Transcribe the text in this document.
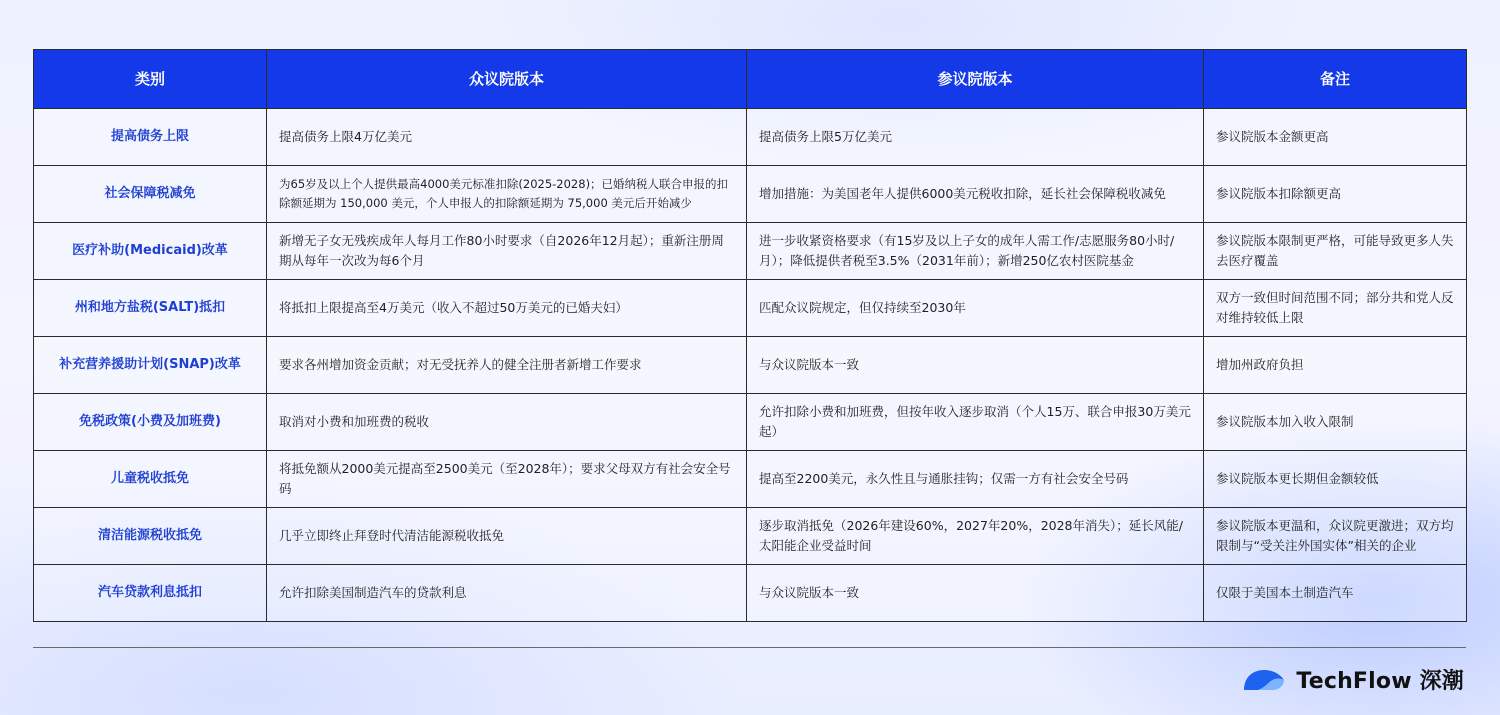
类别	众议院版本	参议院版本	备注
提高债务上限	提高债务上限4万亿美元	提高债务上限5万亿美元	参议院版本金额更高
社会保障税减免	为65岁及以上个人提供最高4000美元标准扣除(2025-2028)；已婚纳税人联合申报的扣除额延期为 150,000 美元，个人申报人的扣除额延期为 75,000 美元后开始减少	增加措施：为美国老年人提供6000美元税收扣除，延长社会保障税收减免	参议院版本扣除额更高
医疗补助(Medicaid)改革	新增无子女无残疾成年人每月工作80小时要求（自2026年12月起）；重新注册周期从每年一次改为每6个月	进一步收紧资格要求（有15岁及以上子女的成年人需工作/志愿服务80小时/月）；降低提供者税至3.5%（2031年前）；新增250亿农村医院基金	参议院版本限制更严格，可能导致更多人失去医疗覆盖
州和地方盐税(SALT)抵扣	将抵扣上限提高至4万美元（收入不超过50万美元的已婚夫妇）	匹配众议院规定，但仅持续至2030年	双方一致但时间范围不同；部分共和党人反对维持较低上限
补充营养援助计划(SNAP)改革	要求各州增加资金贡献；对无受抚养人的健全注册者新增工作要求	与众议院版本一致	增加州政府负担
免税政策(小费及加班费)	取消对小费和加班费的税收	允许扣除小费和加班费，但按年收入逐步取消（个人15万、联合申报30万美元起）	参议院版本加入收入限制
儿童税收抵免	将抵免额从2000美元提高至2500美元（至2028年）；要求父母双方有社会安全号码	提高至2200美元，永久性且与通胀挂钩；仅需一方有社会安全号码	参议院版本更长期但金额较低
清洁能源税收抵免	几乎立即终止拜登时代清洁能源税收抵免	逐步取消抵免（2026年建设60%，2027年20%，2028年消失）；延长风能/太阳能企业受益时间	参议院版本更温和，众议院更激进；双方均限制与“受关注外国实体”相关的企业
汽车贷款利息抵扣	允许扣除美国制造汽车的贷款利息	与众议院版本一致	仅限于美国本土制造汽车
TechFlow 深潮
